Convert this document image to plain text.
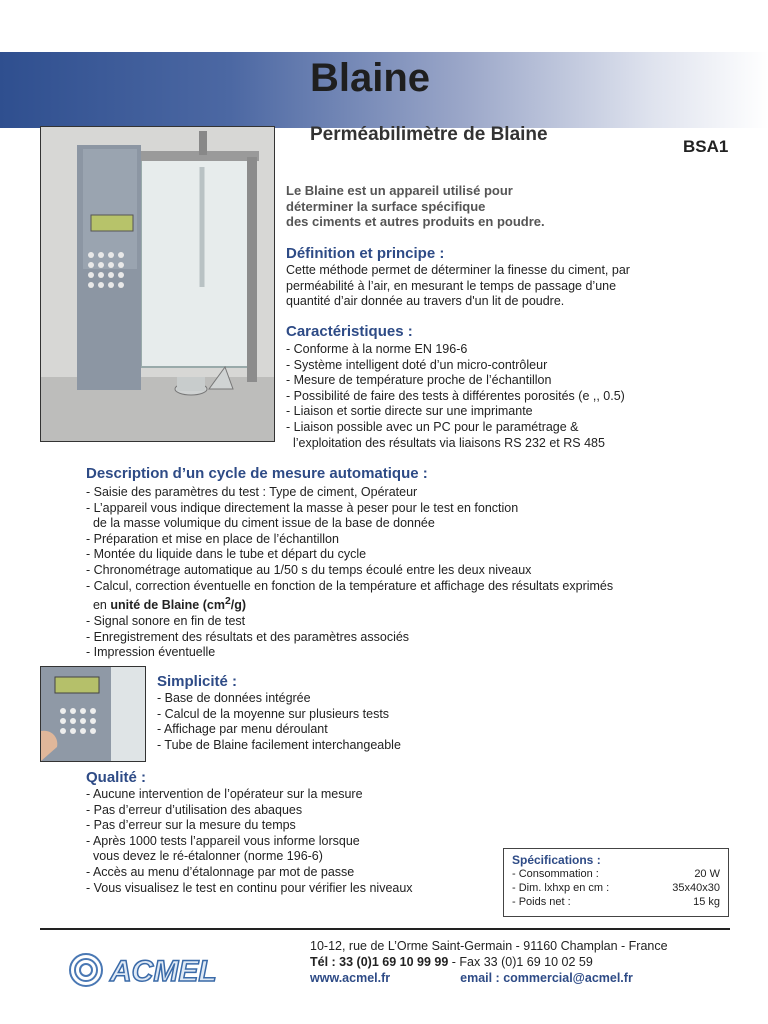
Blaine
Perméabilimètre de Blaine
BSA1
Le Blaine est un appareil utilisé pour
déterminer la surface spécifique
des ciments et autres produits en poudre.
Définition et principe :
Cette méthode permet de déterminer la finesse du ciment, par
perméabilité à l’air, en mesurant le temps de passage d’une
quantité d’air donnée au travers d'un lit de poudre.
Caractéristiques :
- Conforme à la norme EN 196-6
- Système intelligent doté d’un micro-contrôleur
- Mesure de température proche de l’échantillon
- Possibilité de faire des tests à différentes porosités (e ,, 0.5)
- Liaison et sortie directe sur une imprimante
- Liaison possible avec un PC pour le paramétrage &
l’exploitation des résultats via liaisons RS 232 et RS 485
Description d’un cycle de mesure automatique :
- Saisie des paramètres du test : Type de ciment, Opérateur
- L’appareil vous indique directement la masse à peser pour le test en fonction
de la masse volumique du ciment issue de la base de donnée
- Préparation et mise en place de l’échantillon
- Montée du liquide dans le tube et départ du cycle
- Chronométrage automatique au 1/50 s du temps écoulé entre les deux niveaux
- Calcul, correction éventuelle en fonction de la température et affichage des résultats exprimés
en unité de Blaine $(cm^2/g)$
- Signal sonore en fin de test
- Enregistrement des résultats et des paramètres associés
- Impression éventuelle
Simplicité :
- Base de données intégrée
- Calcul de la moyenne sur plusieurs tests
- Affichage par menu déroulant
- Tube de Blaine facilement interchangeable
Qualité :
- Aucune intervention de l’opérateur sur la mesure
- Pas d’erreur d’utilisation des abaques
- Pas d’erreur sur la mesure du temps
- Après 1000 tests l’appareil vous informe lorsque
vous devez le ré-étalonner (norme 196-6)
- Accès au menu d’étalonnage par mot de passe
- Vous visualisez le test en continu pour vérifier les niveaux
Spécifications :
- Consommation :	20 W
- Dim. lxhxp en cm :	35x40x30
- Poids net :	15 kg
ACMEL
10-12, rue de L’Orme Saint-Germain - 91160 Champlan - France
Tél : 33 (0)1 69 10 99 99 - Fax 33 (0)1 69 10 02 59
www.acmel.fr	email : commercial@acmel.fr
